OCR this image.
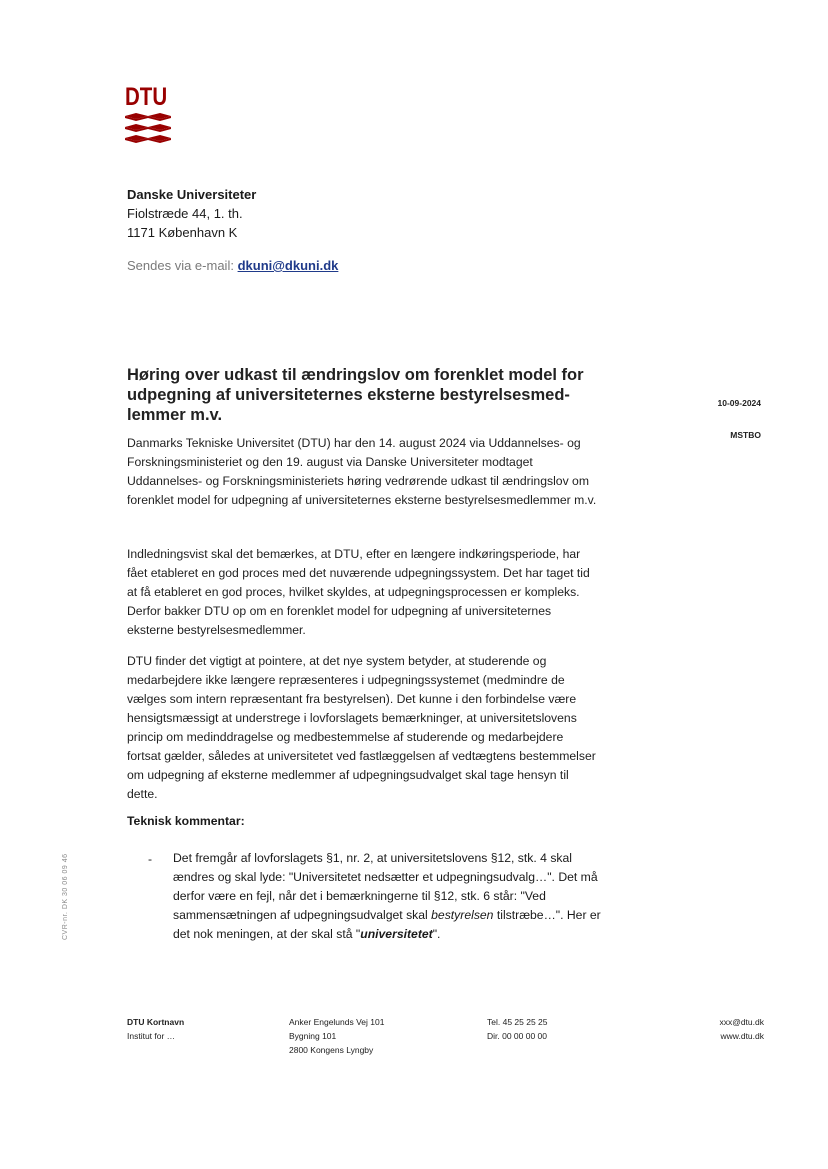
DTU
Danske Universiteter
Fiolstræde 44, 1. th.
1171 København K
Sendes via e-mail: dkuni@dkuni.dk
Høring over udkast til ændringslov om forenklet model for udpegning af universiteternes eksterne bestyrelsesmed-lemmer m.v.
10-09-2024
MSTBO
Danmarks Tekniske Universitet (DTU) har den 14. august 2024 via Uddannelses- og Forskningsministeriet og den 19. august via Danske Universiteter modtaget Uddannelses- og Forskningsministeriets høring vedrørende udkast til ændringslov om forenklet model for udpegning af universiteternes eksterne bestyrelsesmedlemmer m.v.
Indledningsvist skal det bemærkes, at DTU, efter en længere indkøringsperiode, har fået etableret en god proces med det nuværende udpegningssystem. Det har taget tid at få etableret en god proces, hvilket skyldes, at udpegningsprocessen er kompleks. Derfor bakker DTU op om en forenklet model for udpegning af universiteternes eksterne bestyrelsesmedlemmer.
DTU finder det vigtigt at pointere, at det nye system betyder, at studerende og medarbejdere ikke længere repræsenteres i udpegningssystemet (medmindre de vælges som intern repræsentant fra bestyrelsen). Det kunne i den forbindelse være hensigtsmæssigt at understrege i lovforslagets bemærkninger, at universitetslovens princip om medinddragelse og medbestemmelse af studerende og medarbejdere fortsat gælder, således at universitetet ved fastlæggelsen af vedtægtens bestemmelser om udpegning af eksterne medlemmer af udpegningsudvalget skal tage hensyn til dette.
Teknisk kommentar:
- Det fremgår af lovforslagets §1, nr. 2, at universitetslovens §12, stk. 4 skal ændres og skal lyde: "Universitetet nedsætter et udpegningsudvalg…". Det må derfor være en fejl, når det i bemærkningerne til §12, stk. 6 står: "Ved sammensætningen af udpegningsudvalget skal bestyrelsen tilstræbe…". Her er det nok meningen, at der skal stå "universitetet".
CVR-nr. DK 30 06 09 46
DTU Kortnavn
Institut for …
Anker Engelunds Vej 101
Bygning 101
2800 Kongens Lyngby
Tel. 45 25 25 25
Dir. 00 00 00 00
xxx@dtu.dk
www.dtu.dk
